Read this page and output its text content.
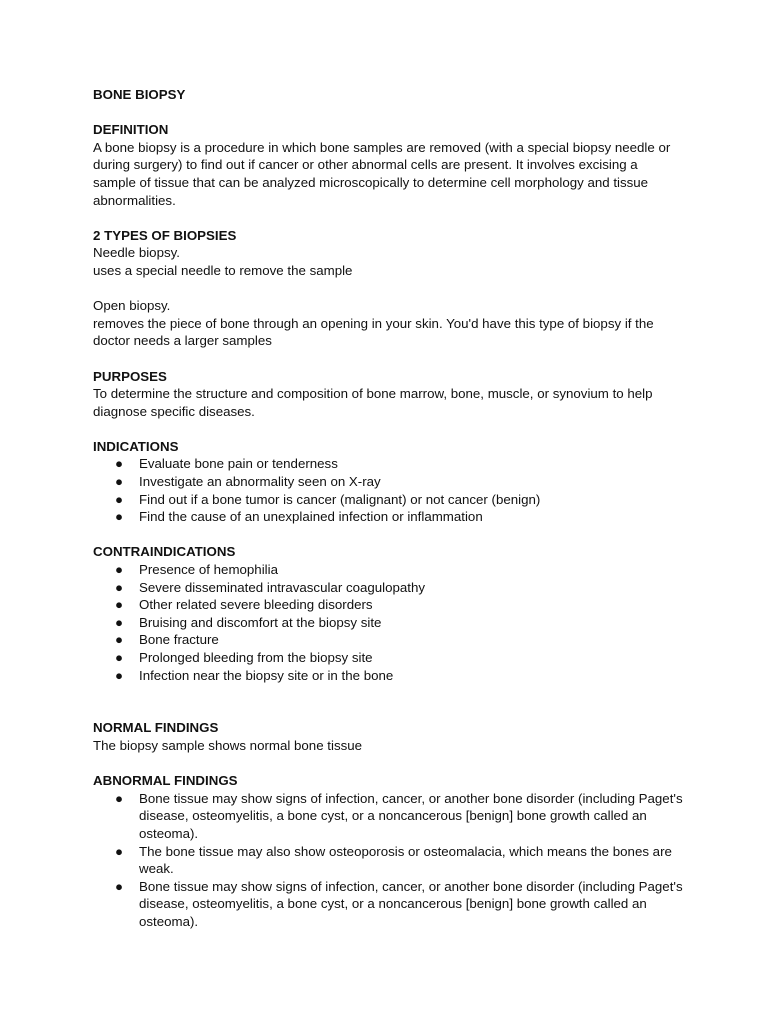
BONE BIOPSY
DEFINITION

A bone biopsy is a procedure in which bone samples are removed (with a special biopsy needle or during surgery) to find out if cancer or other abnormal cells are present. It involves excising a sample of tissue that can be analyzed microscopically to determine cell morphology and tissue abnormalities.

2 TYPES OF BIOPSIES

Needle biopsy.

uses a special needle to remove the sample

Open biopsy.

removes the piece of bone through an opening in your skin. You'd have this type of biopsy if the doctor needs a larger samples

PURPOSES

To determine the structure and composition of bone marrow, bone, muscle, or synovium to help diagnose specific diseases.

INDICATIONS
● Evaluate bone pain or tenderness
● Investigate an abnormality seen on X-ray
● Find out if a bone tumor is cancer (malignant) or not cancer (benign)
● Find the cause of an unexplained infection or inflammation
CONTRAINDICATIONS
● Presence of hemophilia
● Severe disseminated intravascular coagulopathy
● Other related severe bleeding disorders
● Bruising and discomfort at the biopsy site
● Bone fracture
● Prolonged bleeding from the biopsy site
● Infection near the biopsy site or in the bone
NORMAL FINDINGS

The biopsy sample shows normal bone tissue

ABNORMAL FINDINGS
● Bone tissue may show signs of infection, cancer, or another bone disorder (including Paget's disease, osteomyelitis, a bone cyst, or a noncancerous [benign] bone growth called an osteoma).
● The bone tissue may also show osteoporosis or osteomalacia, which means the bones are weak.
● Bone tissue may show signs of infection, cancer, or another bone disorder (including Paget's disease, osteomyelitis, a bone cyst, or a noncancerous [benign] bone growth called an osteoma).
